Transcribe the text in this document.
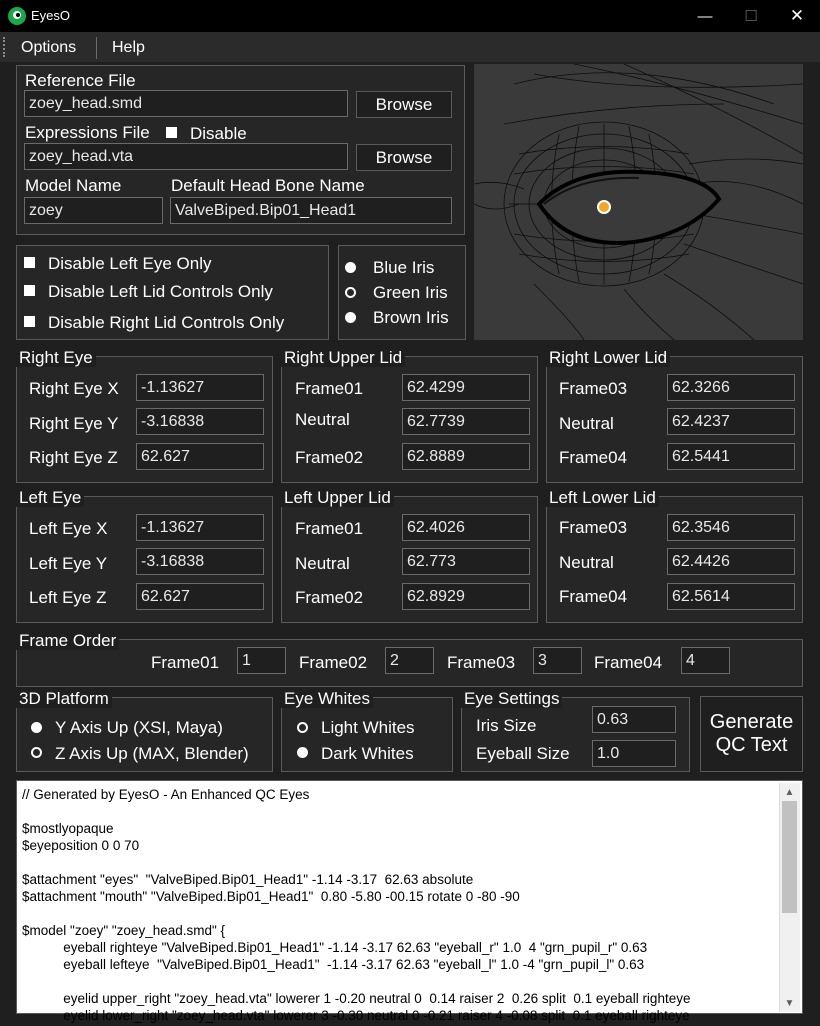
EyesO	—	☐	✕
Options Help
Reference File
zoey_head.smd	Browse
Expressions File Disable
zoey_head.vta	Browse
Model Name	Default Head Bone Name
zoey	ValveBiped.Bip01_Head1
Disable Left Eye Only
Disable Left Lid Controls Only
Disable Right Lid Controls Only
Blue Iris
Green Iris
Brown Iris
Right Eye
Right Eye X	-1.13627
Right Eye Y	-3.16838
Right Eye Z	62.627
Right Upper Lid
Frame01	62.4299
Neutral	62.7739
Frame02	62.8889
Right Lower Lid
Frame03	62.3266
Neutral	62.4237
Frame04	62.5441
Left Eye
Left Eye X	-1.13627
Left Eye Y	-3.16838
Left Eye Z	62.627
Left Upper Lid
Frame01	62.4026
Neutral	62.773
Frame02	62.8929
Left Lower Lid
Frame03	62.3546
Neutral	62.4426
Frame04	62.5614
Frame Order
Frame01	1	Frame02	2	Frame03	3	Frame04	4
3D Platform
Y Axis Up (XSI, Maya)
Z Axis Up (MAX, Blender)
Eye Whites
Light Whites
Dark Whites
Eye Settings
Iris Size	0.63
Eyeball Size	1.0
Generate
QC Text
// Generated by EyesO - An Enhanced QC Eyes

$mostlyopaque
$eyeposition 0 0 70

$attachment "eyes"  "ValveBiped.Bip01_Head1" -1.14 -3.17  62.63 absolute
$attachment "mouth" "ValveBiped.Bip01_Head1"  0.80 -5.80 -00.15 rotate 0 -80 -90

$model "zoey" "zoey_head.smd" {
eyeball righteye "ValveBiped.Bip01_Head1" -1.14 -3.17 62.63 "eyeball_r" 1.0  4 "grn_pupil_r" 0.63
eyeball lefteye  "ValveBiped.Bip01_Head1"  -1.14 -3.17 62.63 "eyeball_l" 1.0 -4 "grn_pupil_l" 0.63

eyelid upper_right "zoey_head.vta" lowerer 1 -0.20 neutral 0  0.14 raiser 2  0.26 split  0.1 eyeball righteye
eyelid lower_right "zoey_head.vta" lowerer 3 -0.30 neutral 0 -0.21 raiser 4 -0.08 split  0.1 eyeball righteye
▲
▼
